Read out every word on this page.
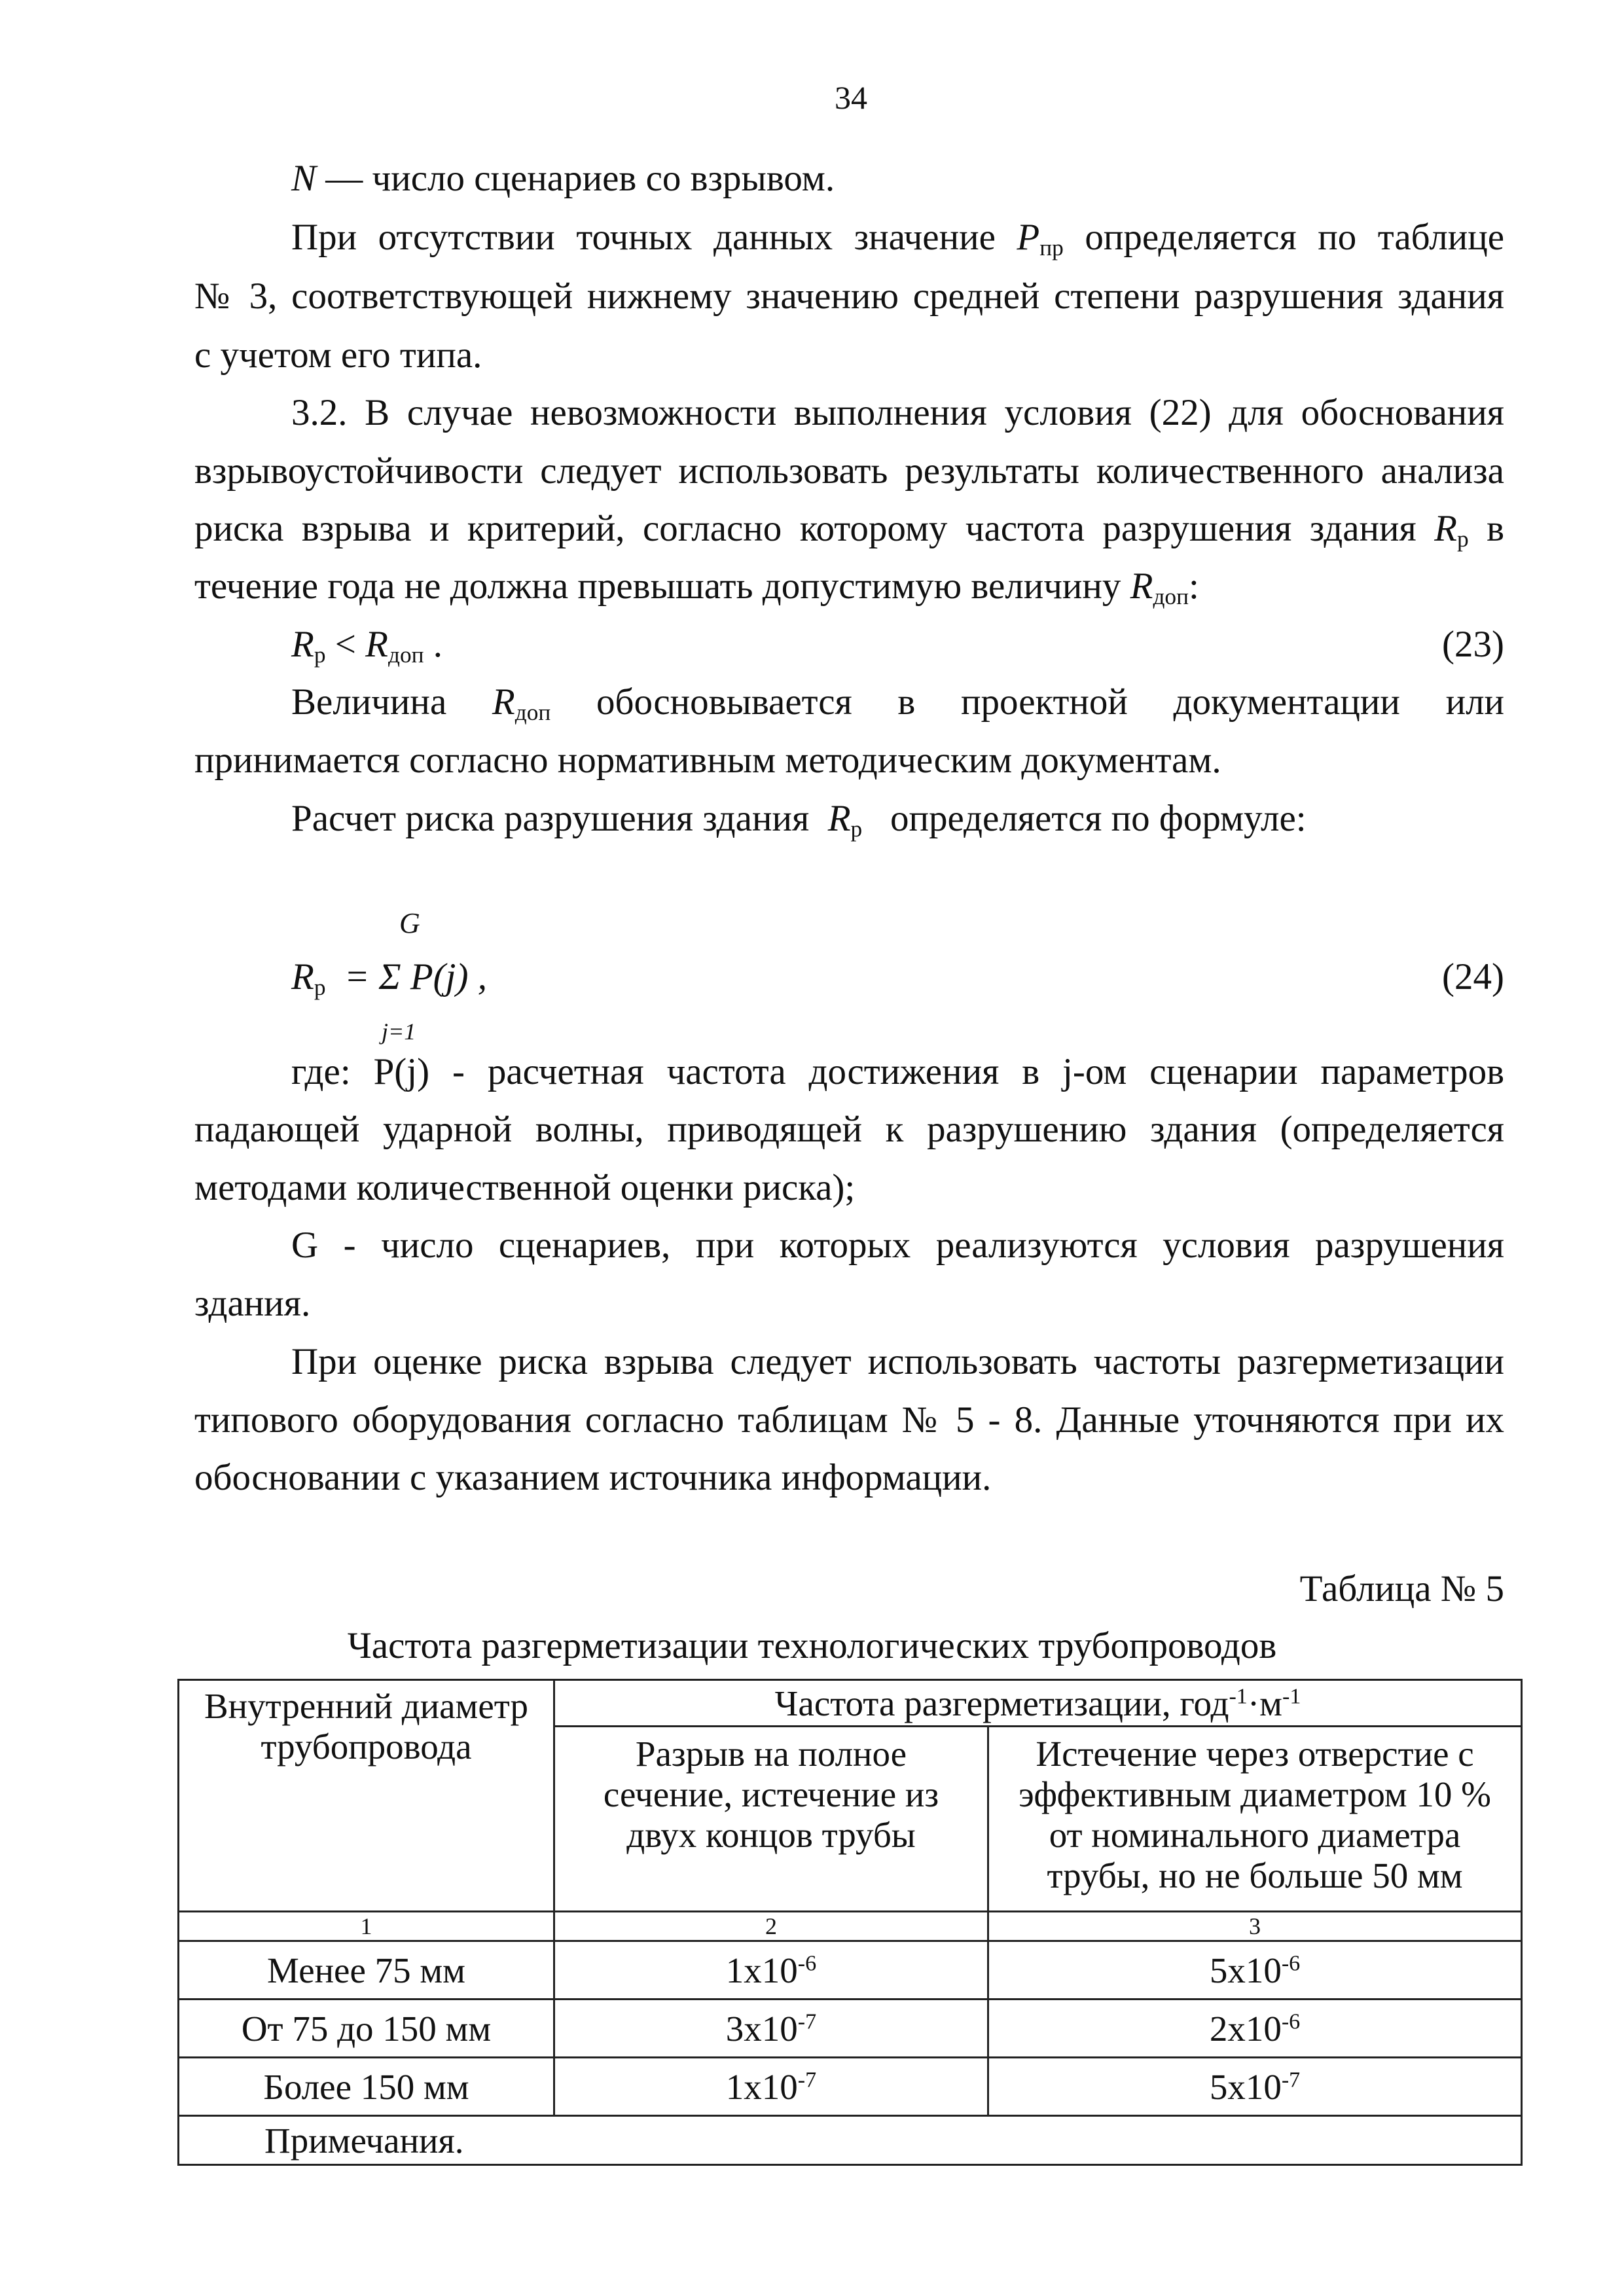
34
N — число сценариев со взрывом.
При отсутствии точных данных значение $P_{пр}$ определяется по таблице
№ 3, соответствующей нижнему значению средней степени разрушения здания
с учетом его типа.
3.2. В случае невозможности выполнения условия (22) для обоснования
взрывоустойчивости следует использовать результаты количественного анализа
риска взрыва и критерий, согласно которому частота разрушения здания $R_р$ в
течение года не должна превышать допустимую величину $R_{доп}$:
$R_р < R_{доп}$ .	(23)
Величина $R_{доп}$ обосновывается в проектной документации или
принимается согласно нормативным методическим документам.
Расчет риска разрушения здания $R_р$ определяется по формуле:
G
$R_р = \Sigma$ P(j) ,
j=1
(24)
где: P(j) - расчетная частота достижения в j-ом сценарии параметров
падающей ударной волны, приводящей к разрушению здания (определяется
методами количественной оценки риска);
G - число сценариев, при которых реализуются условия разрушения
здания.
При оценке риска взрыва следует использовать частоты разгерметизации
типового оборудования согласно таблицам № 5 - 8. Данные уточняются при их
обосновании с указанием источника информации.
Таблица № 5
Частота разгерметизации технологических трубопроводов
Внутренний диаметр трубопровода	Частота разгерметизации, $год^{-1}\cdot м^{-1}$
	Разрыв на полное сечение, истечение из двух концов трубы	Истечение через отверстие с эффективным диаметром 10 % от номинального диаметра трубы, но не больше 50 мм
1	2	3
Менее 75 мм	$1x10^{-6}$	$5x10^{-6}$
От 75 до 150 мм	$3x10^{-7}$	$2x10^{-6}$
Более 150 мм	$1x10^{-7}$	$5x10^{-7}$
Примечания.		
